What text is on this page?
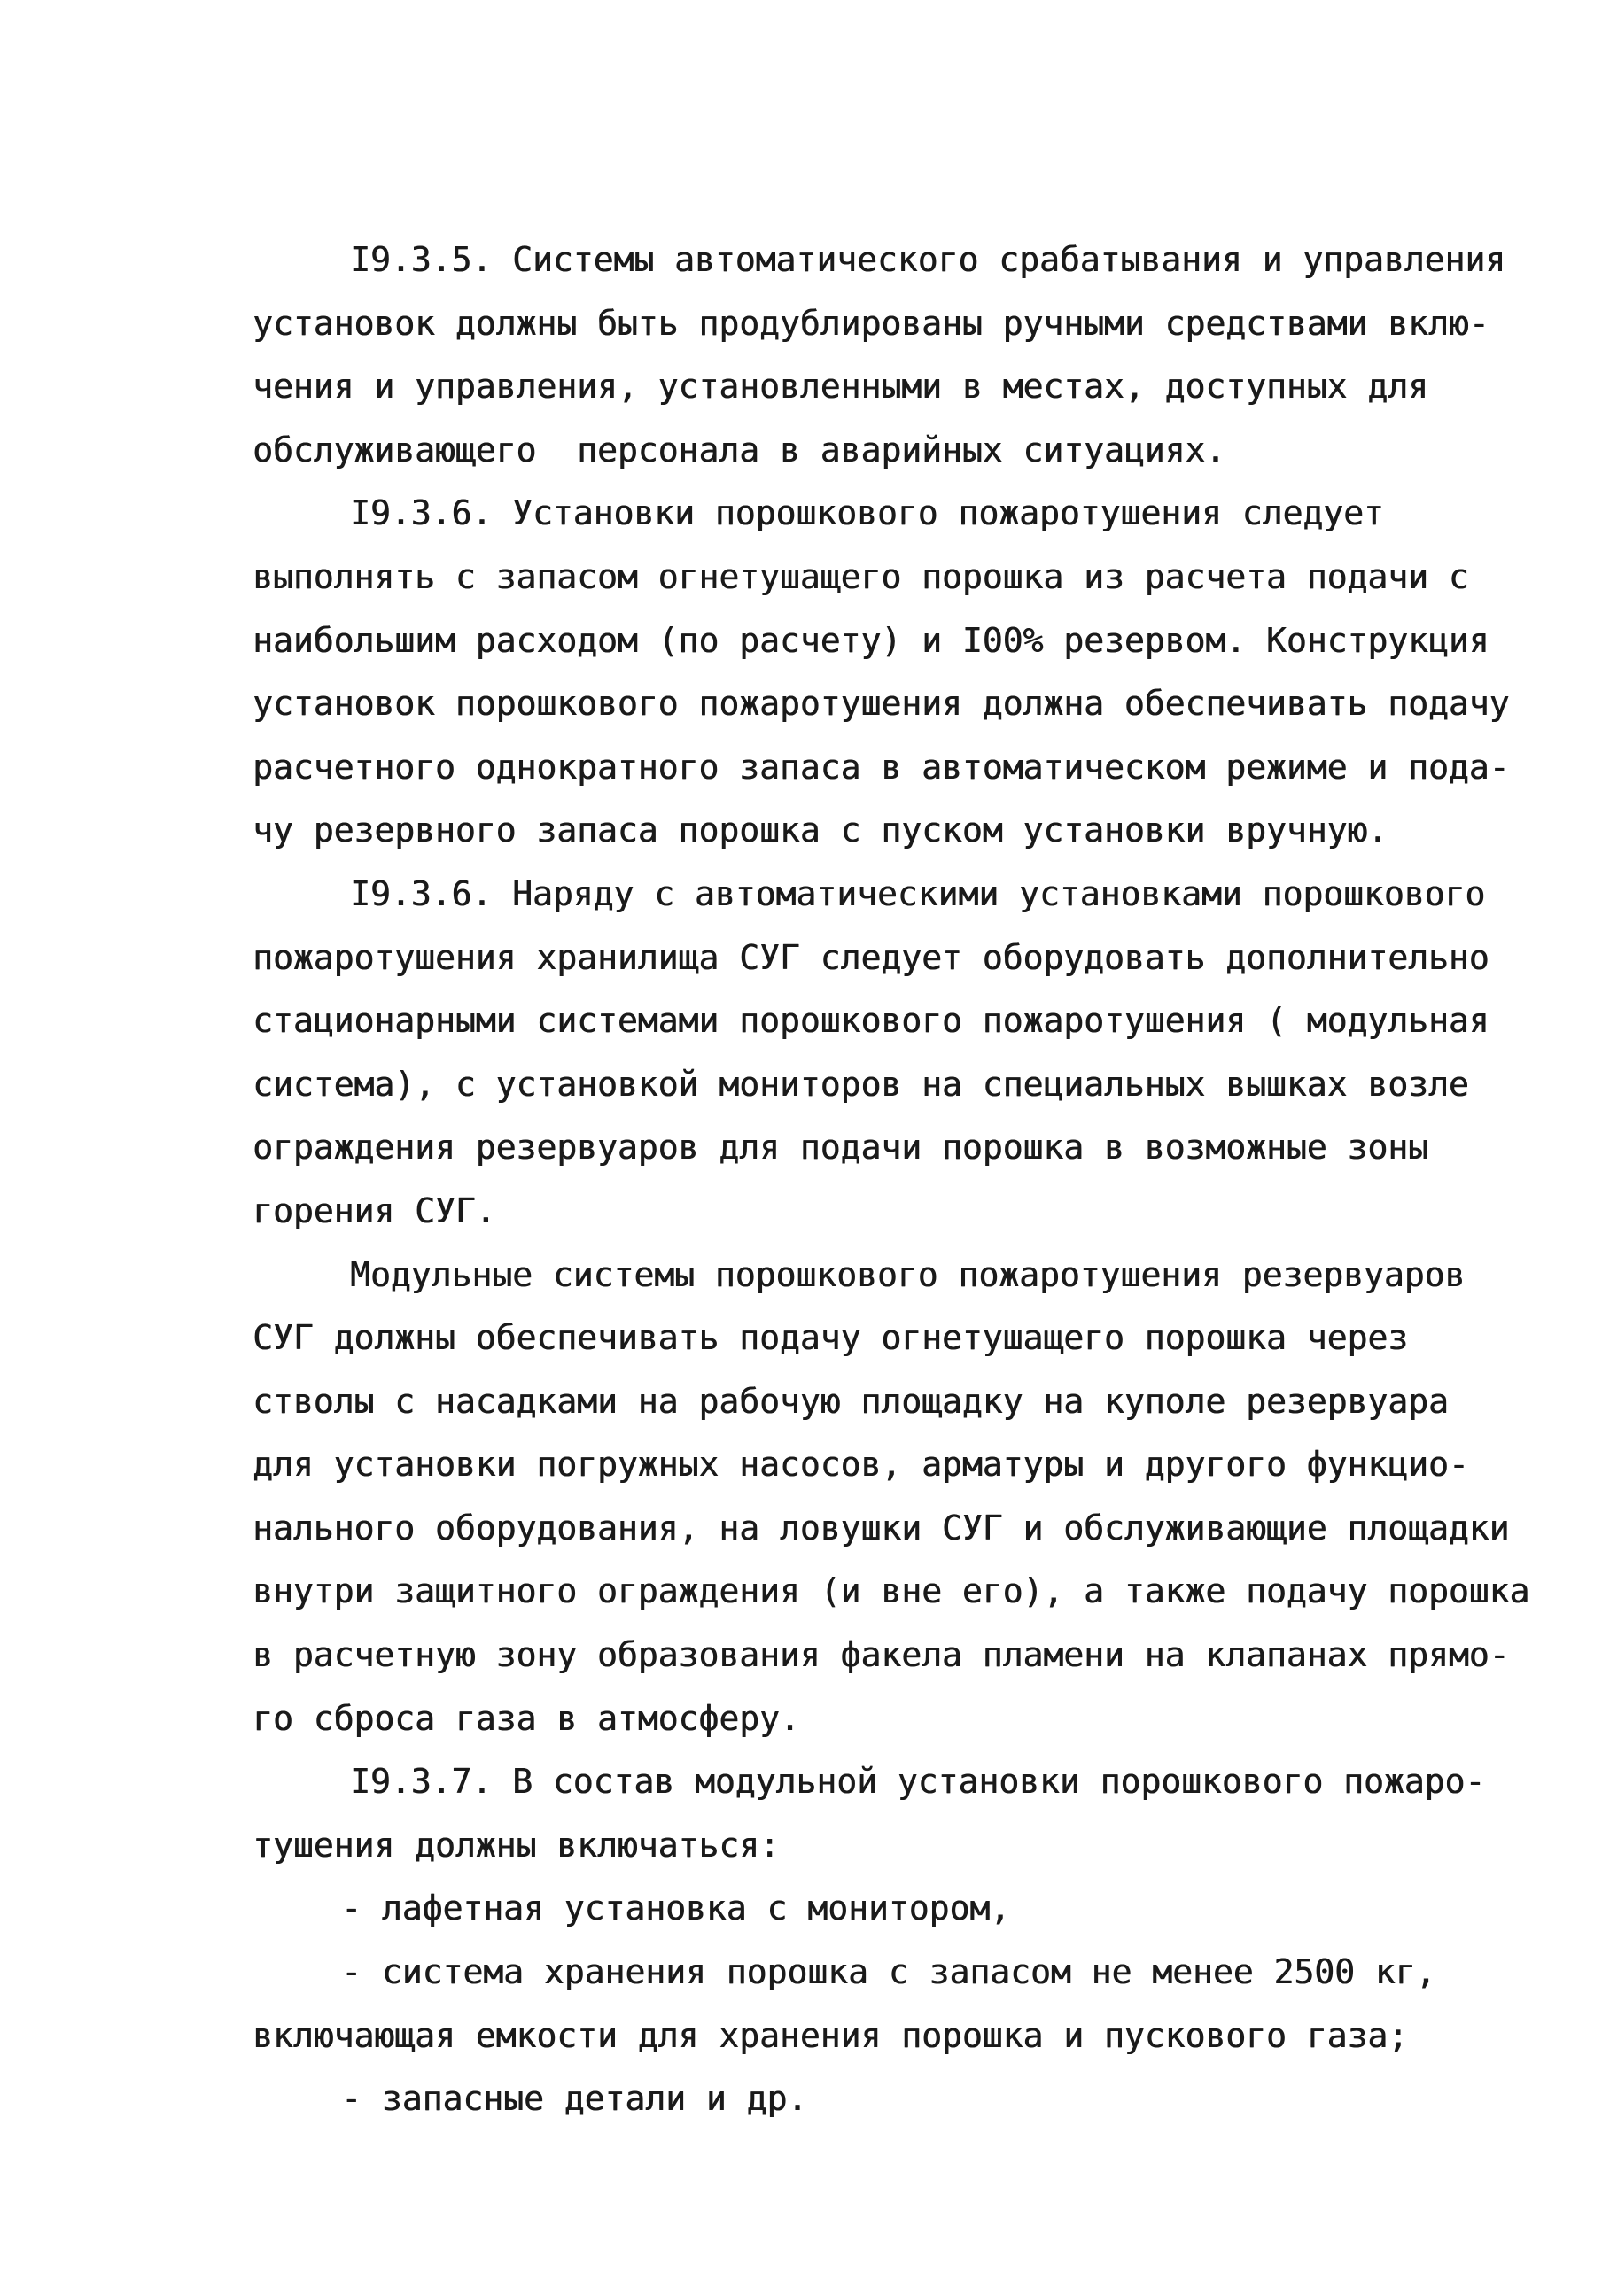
I9.3.5. Системы автоматического срабатывания и управления
установок должны быть продублированы ручными средствами вклю-
чения и управления, установленными в местах, доступных для
обслуживающего  персонала в аварийных ситуациях.
I9.3.6. Установки порошкового пожаротушения следует
выполнять с запасом огнетушащего порошка из расчета подачи с
наибольшим расходом (по расчету) и I00% резервом. Конструкция
установок порошкового пожаротушения должна обеспечивать подачу
расчетного однократного запаса в автоматическом режиме и пода-
чу резервного запаса порошка с пуском установки вручную.
I9.3.6. Наряду с автоматическими установками порошкового
пожаротушения хранилища СУГ следует оборудовать дополнительно
стационарными системами порошкового пожаротушения ( модульная
система), с установкой мониторов на специальных вышках возле
ограждения резервуаров для подачи порошка в возможные зоны
горения СУГ.
Модульные системы порошкового пожаротушения резервуаров
СУГ должны обеспечивать подачу огнетушащего порошка через
стволы с насадками на рабочую площадку на куполе резервуара
для установки погружных насосов, арматуры и другого функцио-
нального оборудования, на ловушки СУГ и обслуживающие площадки
внутри защитного ограждения (и вне его), а также подачу порошка
в расчетную зону образования факела пламени на клапанах прямо-
го сброса газа в атмосферу.
I9.3.7. В состав модульной установки порошкового пожаро-
тушения должны включаться:
- лафетная установка с монитором,
- система хранения порошка с запасом не менее 2500 кг,
включающая емкости для хранения порошка и пускового газа;
- запасные детали и др.
